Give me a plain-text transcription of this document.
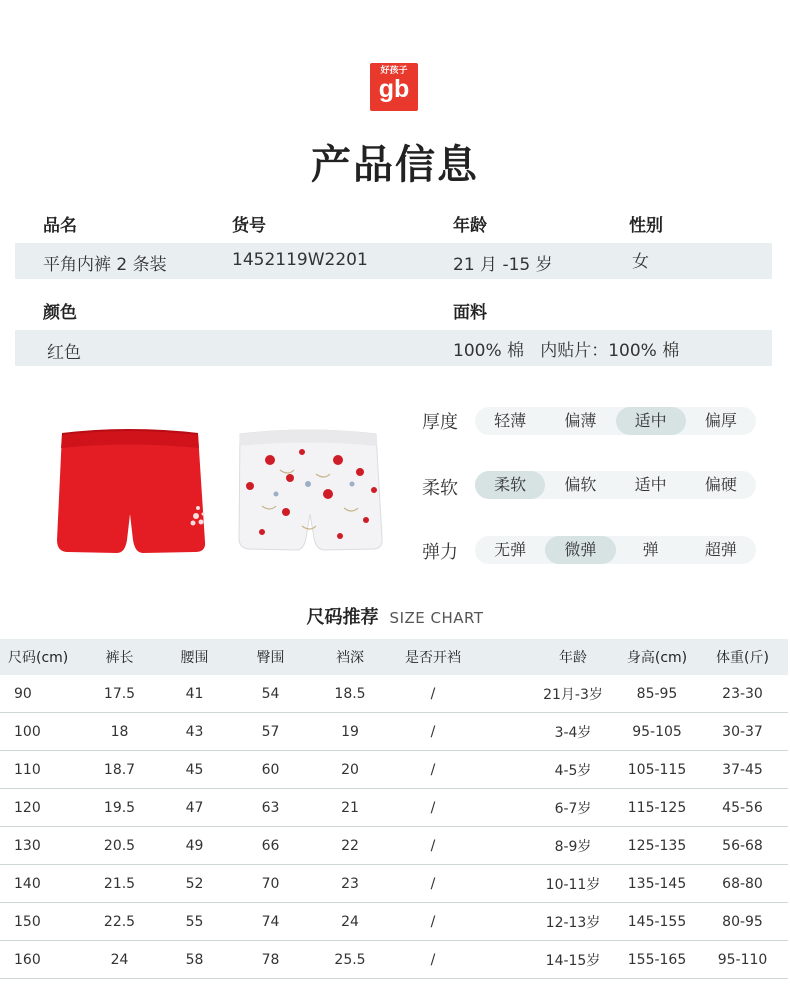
好孩子
gb
产品信息
品名	货号	年龄	性别
平角内裤 2 条装	1452119W2201	21 月 -15 岁	女
颜色	面料
红色	100% 棉   内贴片：100% 棉
厚度	轻薄	偏薄	适中	偏厚
柔软	柔软	偏软	适中	偏硬
弹力	无弹	微弹	弹	超弹
尺码推荐 SIZE CHART
尺码(cm)	裤长	腰围	臀围	裆深	是否开裆		年龄	身高(cm)	体重(斤)
90	17.5	41	54	18.5	/		21月-3岁	85-95	23-30
100	18	43	57	19	/		3-4岁	95-105	30-37
110	18.7	45	60	20	/		4-5岁	105-115	37-45
120	19.5	47	63	21	/		6-7岁	115-125	45-56
130	20.5	49	66	22	/		8-9岁	125-135	56-68
140	21.5	52	70	23	/		10-11岁	135-145	68-80
150	22.5	55	74	24	/		12-13岁	145-155	80-95
160	24	58	78	25.5	/		14-15岁	155-165	95-110
